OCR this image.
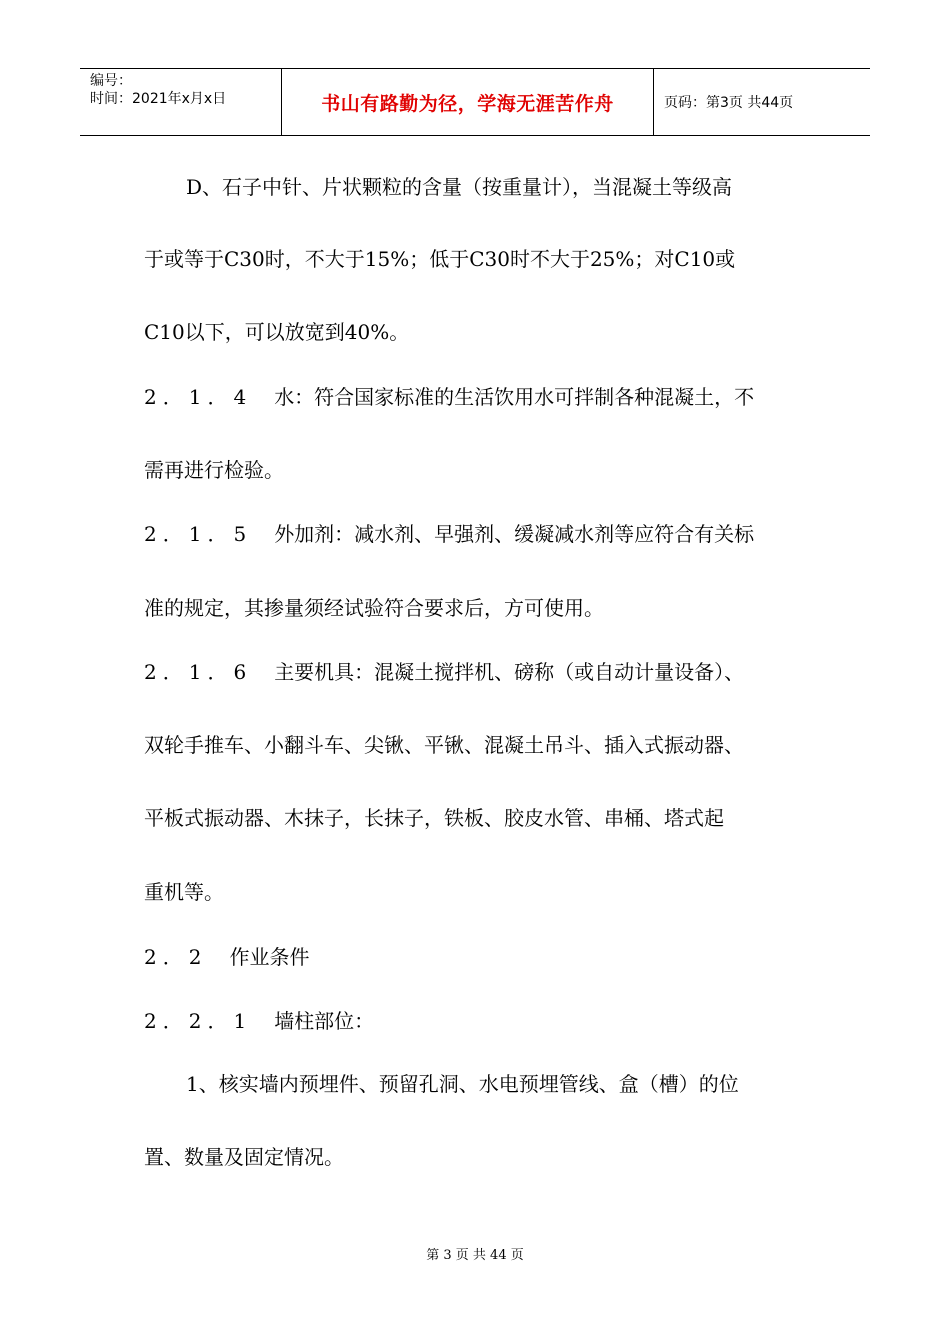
编号：
时间：2021年x月x日	书山有路勤为径，学海无涯苦作舟	页码：第3页 共44页
D、石子中针、片状颗粒的含量（按重量计），当混凝土等级高
于或等于C30时，不大于15%；低于C30时不大于25%；对C10或
C10以下，可以放宽到40%。
2．1．4 水：符合国家标准的生活饮用水可拌制各种混凝土，不
需再进行检验。
2．1．5 外加剂：减水剂、早强剂、缓凝减水剂等应符合有关标
准的规定，其掺量须经试验符合要求后，方可使用。
2．1．6 主要机具：混凝土搅拌机、磅称（或自动计量设备）、
双轮手推车、小翻斗车、尖锹、平锹、混凝土吊斗、插入式振动器、
平板式振动器、木抹子，长抹子，铁板、胶皮水管、串桶、塔式起
重机等。
2．2 作业条件
2．2．1 墙柱部位：
1、核实墙内预埋件、预留孔洞、水电预埋管线、盒（槽）的位
置、数量及固定情况。
第 3 页 共 44 页
